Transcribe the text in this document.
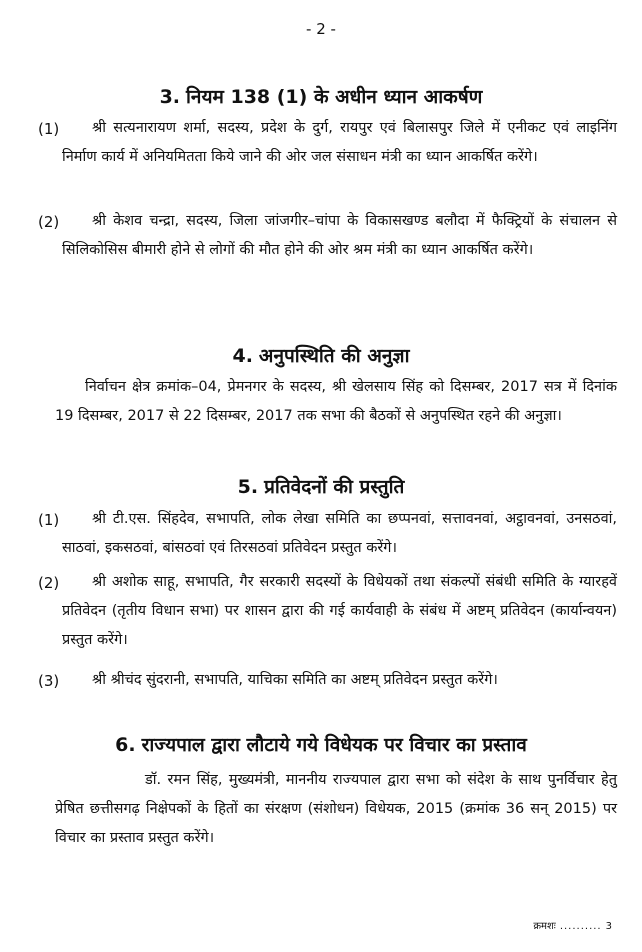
- 2 -
3. नियम 138 (1) के अधीन ध्यान आकर्षण
(1)	श्री सत्यनारायण शर्मा, सदस्य, प्रदेश के दुर्ग, रायपुर एवं बिलासपुर जिले में एनीकट एवं लाइनिंग निर्माण कार्य में अनियमितता किये जाने की ओर जल संसाधन मंत्री का ध्यान आकर्षित करेंगे।
(2)	श्री केशव चन्द्रा, सदस्य, जिला जांजगीर–चांपा के विकासखण्ड बलौदा में फैक्ट्रियों के संचालन से सिलिकोसिस बीमारी होने से लोगों की मौत होने की ओर श्रम मंत्री का ध्यान आकर्षित करेंगे।
4. अनुपस्थिति की अनुज्ञा
निर्वाचन क्षेत्र क्रमांक–04, प्रेमनगर के सदस्य, श्री खेलसाय सिंह को दिसम्बर, 2017 सत्र में दिनांक 19 दिसम्बर, 2017 से 22 दिसम्बर, 2017 तक सभा की बैठकों से अनुपस्थित रहने की अनुज्ञा।
5. प्रतिवेदनों की प्रस्तुति
(1)	श्री टी.एस. सिंहदेव, सभापति, लोक लेखा समिति का छप्पनवां, सत्तावनवां, अट्ठावनवां, उनसठवां, साठवां, इकसठवां, बांसठवां एवं तिरसठवां प्रतिवेदन प्रस्तुत करेंगे।
(2)	श्री अशोक साहू, सभापति, गैर सरकारी सदस्यों के विधेयकों तथा संकल्पों संबंधी समिति के ग्यारहवें प्रतिवेदन (तृतीय विधान सभा) पर शासन द्वारा की गई कार्यवाही के संबंध में अष्टम् प्रतिवेदन (कार्यान्वयन) प्रस्तुत करेंगे।
(3)	श्री श्रीचंद सुंदरानी, सभापति, याचिका समिति का अष्टम् प्रतिवेदन प्रस्तुत करेंगे।
6. राज्यपाल द्वारा लौटाये गये विधेयक पर विचार का प्रस्ताव
डॉ. रमन सिंह, मुख्यमंत्री, माननीय राज्यपाल द्वारा सभा को संदेश के साथ पुनर्विचार हेतु प्रेषित छत्तीसगढ़ निक्षेपकों के हितों का संरक्षण (संशोधन) विधेयक, 2015 (क्रमांक 36 सन् 2015) पर विचार का प्रस्ताव प्रस्तुत करेंगे।
क्रमशः .......... 3
